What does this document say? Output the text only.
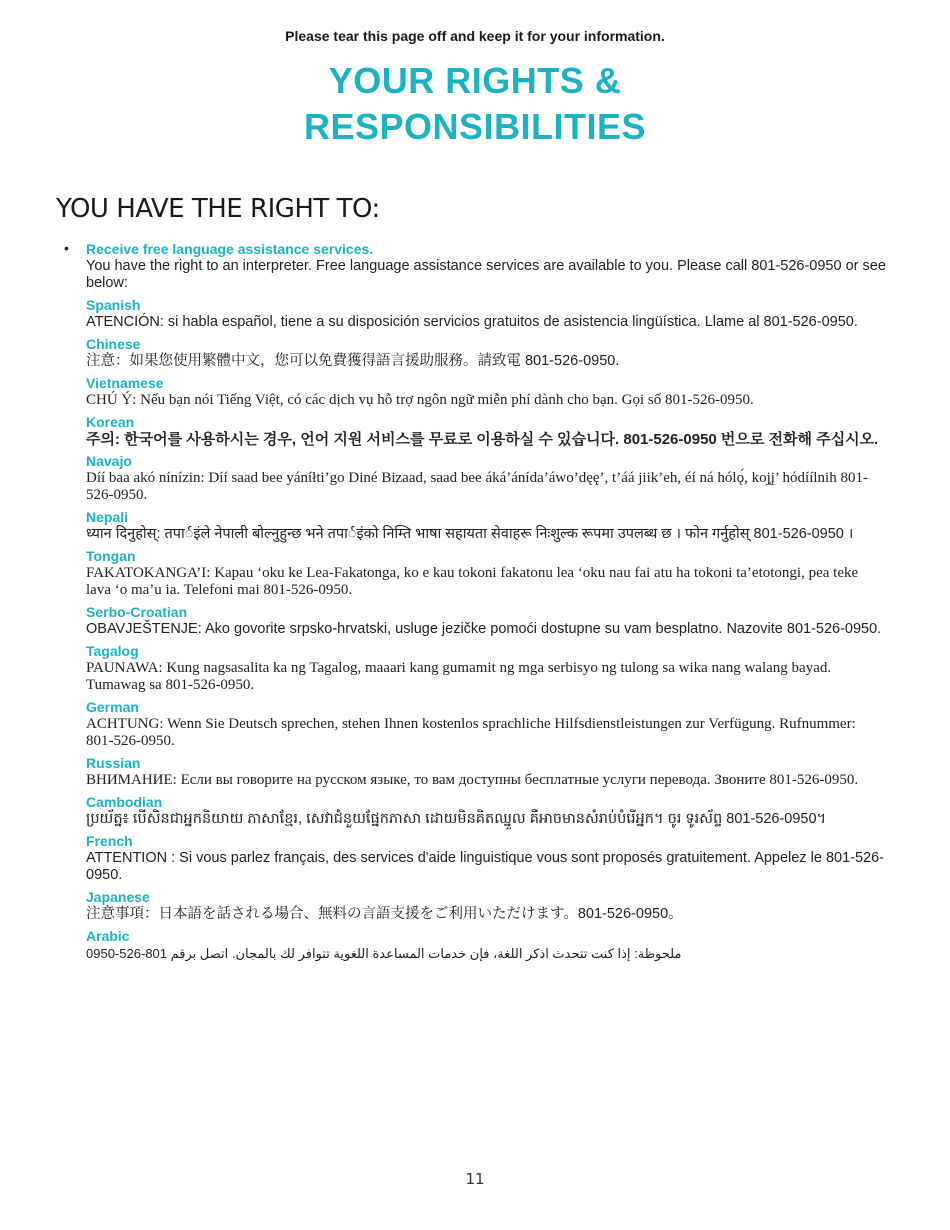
Please tear this page off and keep it for your information.
YOUR RIGHTS &
RESPONSIBILITIES
YOU HAVE THE RIGHT TO:
• Receive free language assistance services.
You have the right to an interpreter. Free language assistance services are available to you. Please call 801-526-0950 or see below:
Spanish
ATENCIÓN: si habla español, tiene a su disposición servicios gratuitos de asistencia lingüística. Llame al 801-526-0950.
Chinese
注意：如果您使用繁體中文，您可以免費獲得語言援助服務。請致電 801-526-0950.
Vietnamese
CHÚ Ý: Nếu bạn nói Tiếng Việt, có các dịch vụ hỗ trợ ngôn ngữ miễn phí dành cho bạn. Gọi số 801-526-0950.
Korean
주의: 한국어를 사용하시는 경우, 언어 지원 서비스를 무료로 이용하실 수 있습니다. 801-526-0950 번으로 전화해 주십시오.
Navajo
Díí baa akó nínízin: Díí saad bee yáníłti’go Diné Bizaad, saad bee áká’ánída’áwo’dęę’, t’áá jiik’eh, éí ná hólǫ́, koj̨į’ hódíílnih 801-526-0950.
Nepali
ध्यान दिनुहोस्: तपार्इंले नेपाली बोल्नुहुन्छ भने तपार्इंको निम्ति भाषा सहायता सेवाहरू निःशुल्क रूपमा उपलब्ध छ । फोन गर्नुहोस् 801-526-0950 ।
Tongan
FAKATOKANGA’I: Kapau ‘oku ke Lea-Fakatonga, ko e kau tokoni fakatonu lea ‘oku nau fai atu ha tokoni ta’etotongi, pea teke lava ‘o ma’u ia. Telefoni mai 801-526-0950.
Serbo-Croatian
OBAVJEŠTENJE: Ako govorite srpsko-hrvatski, usluge jezičke pomoći dostupne su vam besplatno. Nazovite 801-526-0950.
Tagalog
PAUNAWA: Kung nagsasalita ka ng Tagalog, maaari kang gumamit ng mga serbisyo ng tulong sa wika nang walang bayad. Tumawag sa 801-526-0950.
German
ACHTUNG: Wenn Sie Deutsch sprechen, stehen Ihnen kostenlos sprachliche Hilfsdienstleistungen zur Verfügung. Rufnummer: 801-526-0950.
Russian
ВНИМАНИЕ: Если вы говорите на русском языке, то вам доступны бесплатные услуги перевода. Звоните 801-526-0950.
Cambodian
ប្រយ័ត្ន៖ បើសិនជាអ្នកនិយាយ ភាសាខ្មែរ, សេវាជំនួយផ្នែកភាសា ដោយមិនគិតឈ្នួល គឺអាចមានសំរាប់បំរើអ្នក។ ចូរ ទូរស័ព្ទ 801-526-0950។
French
ATTENTION : Si vous parlez français, des services d'aide linguistique vous sont proposés gratuitement. Appelez le 801-526-0950.
Japanese
注意事項：日本語を話される場合、無料の言語支援をご利用いただけます。801-526-0950。
Arabic
ملحوظة: إذا كنت تتحدث اذكر اللغة، فإن خدمات المساعدة اللغوية تتوافر لك بالمجان. اتصل برقم 801-526-0950
11
